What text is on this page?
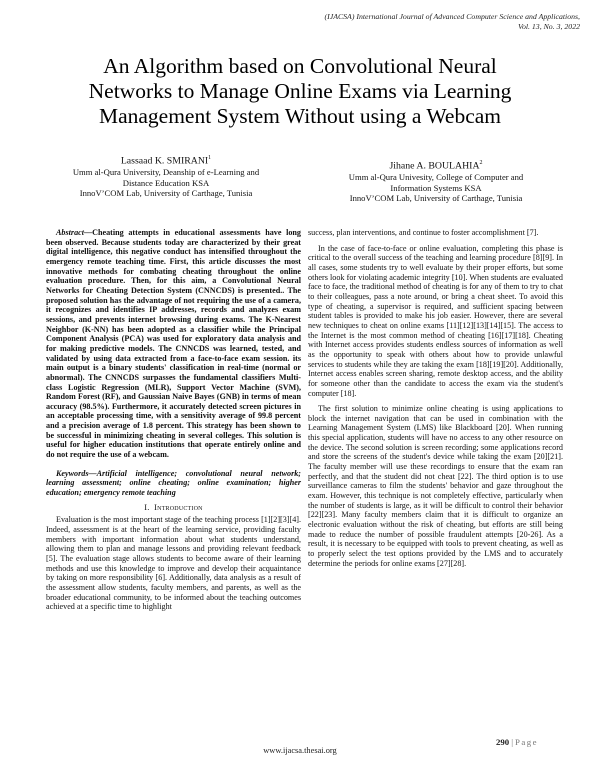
(IJACSA) International Journal of Advanced Computer Science and Applications,
Vol. 13, No. 3, 2022
An Algorithm based on Convolutional Neural
Networks to Manage Online Exams via Learning
Management System Without using a Webcam
Lassaad K. SMIRANI$^1$
Umm al-Qura University, Deanship of e-Learning and
Distance Education KSA
InnoV’COM Lab, University of Carthage, Tunisia
Jihane A. BOULAHIA$^2$
Umm al-Qura Univesity, College of Computer and
Information Systems KSA
InnoV’COM Lab, University of Carthage, Tunisia

Abstract—Cheating attempts in educational assessments have long been observed. Because students today are characterized by their great digital intelligence, this negative conduct has intensified throughout the emergency remote teaching time. First, this article discusses the most innovative methods for combating cheating throughout the online evaluation procedure. Then, for this aim, a Convolutional Neural Networks for Cheating Detection System (CNNCDS) is presented.. The proposed solution has the advantage of not requiring the use of a camera, it recognizes and identifies IP addresses, records and analyzes exam sessions, and prevents internet browsing during exams. The K-Nearest Neighbor (K-NN) has been adopted as a classifier while the Principal Component Analysis (PCA) was used for exploratory data analysis and for making predictive models. The CNNCDS was learned, tested, and validated by using data extracted from a face-to-face exam session. its main output is a binary students' classification in real-time (normal or abnormal). The CNNCDS surpasses the fundamental classifiers Multi-class Logistic Regression (MLR), Support Vector Machine (SVM), Random Forest (RF), and Gaussian Naive Bayes (GNB) in terms of mean accuracy (98.5%). Furthermore, it accurately detected screen pictures in an acceptable processing time, with a sensitivity average of 99.8 percent and a precision average of 1.8 percent. This strategy has been shown to be successful in minimizing cheating in several colleges. This solution is useful for higher education institutions that operate entirely online and do not require the use of a webcam.

Keywords—Artificial intelligence; convolutional neural network; learning assessment; online cheating; online examination; higher education; emergency remote teaching

I. Introduction

Evaluation is the most important stage of the teaching process [1][2][3][4]. Indeed, assessment is at the heart of the learning service, providing faculty members with important information about what students understand, allowing them to plan and manage lessons and providing relevant feedback [5]. The evaluation stage allows students to become aware of their learning methods and use this knowledge to improve and develop their acquaintance by taking on more responsibility [6]. Additionally, data analysis as a result of the assessment allow students, faculty members, and parents, as well as the broader educational community, to be informed about the teaching outcomes achieved at a specific time to highlight

success, plan interventions, and continue to foster accomplishment [7].

In the case of face-to-face or online evaluation, completing this phase is critical to the overall success of the teaching and learning procedure [8][9]. In all cases, some students try to well evaluate by their proper efforts, but some others look for violating academic integrity [10]. When students are evaluated face to face, the traditional method of cheating is for any of them to try to chat to their colleagues, pass a note around, or bring a cheat sheet. To avoid this type of cheating, a supervisor is required, and sufficient spacing between student tables is provided to make his job easier. However, there are several new techniques to cheat on online exams [11][12][13][14][15]. The access to the Internet is the most common method of cheating [16][17][18]. Cheating with Internet access provides students endless sources of information as well as the opportunity to speak with others about how to provide unlawful services to students while they are taking the exam [18][19][20]. Additionally, Internet access enables screen sharing, remote desktop access, and the ability for someone other than the candidate to access the exam via the student's computer [18].

The first solution to minimize online cheating is using applications to block the internet navigation that can be used in combination with the Learning Management System (LMS) like Blackboard [20]. When running this special application, students will have no access to any other resource on the device. The second solution is screen recording; some applications record and store the screens of the student's device while taking the exam [20][21]. The faculty member will use these recordings to ensure that the exam ran perfectly, and that the student did not cheat [22]. The third option is to use surveillance cameras to film the students' behavior and gaze throughout the exam. However, this technique is not completely effective, particularly when the number of students is large, as it will be difficult to control their behavior [22][23]. Many faculty members claim that it is difficult to organize an electronic evaluation without the risk of cheating, but efforts are still being made to reduce the number of possible fraudulent attempts [20-26]. As a result, it is necessary to be equipped with tools to prevent cheating, as well as to properly select the test options provided by the LMS and to accurately determine the periods for online exams [27][28].

290 | Page
www.ijacsa.thesai.org
